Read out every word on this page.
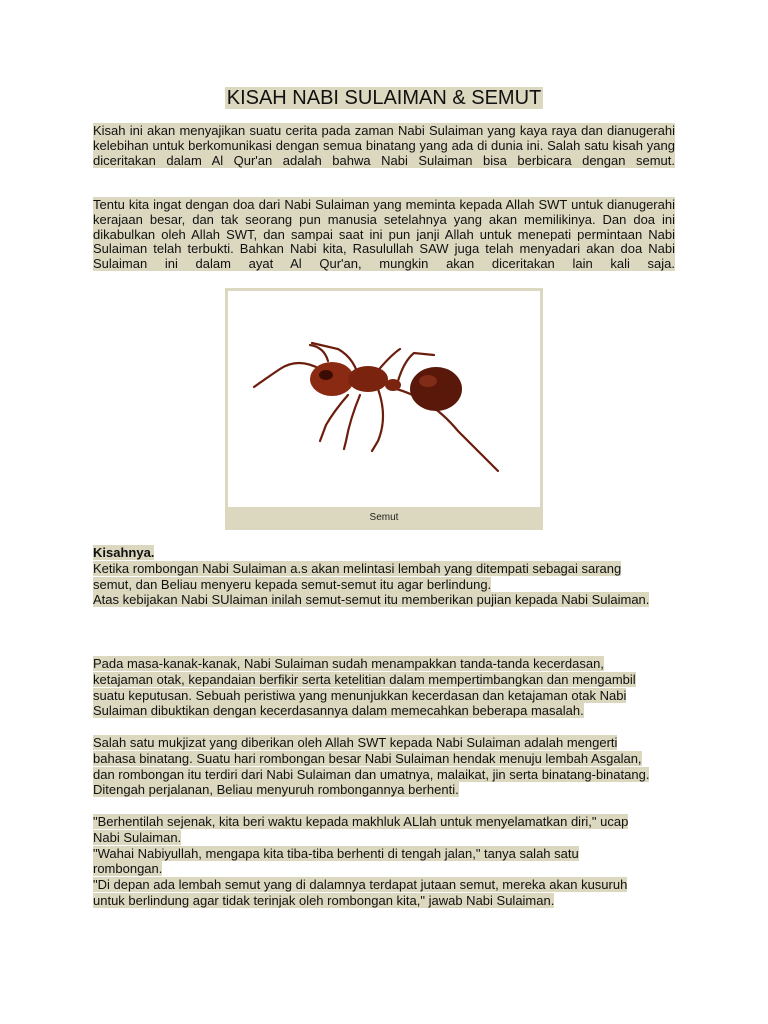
KISAH NABI SULAIMAN & SEMUT
Kisah ini akan menyajikan suatu cerita pada zaman Nabi Sulaiman yang kaya raya dan dianugerahi kelebihan untuk berkomunikasi dengan semua binatang yang ada di dunia ini. Salah satu kisah yang diceritakan dalam Al Qur'an adalah bahwa Nabi Sulaiman bisa berbicara dengan semut.
Tentu kita ingat dengan doa dari Nabi Sulaiman yang meminta kepada Allah SWT untuk dianugerahi kerajaan besar, dan tak seorang pun manusia setelahnya yang akan memilikinya. Dan doa ini dikabulkan oleh Allah SWT, dan sampai saat ini pun janji Allah untuk menepati permintaan Nabi Sulaiman telah terbukti. Bahkan Nabi kita, Rasulullah SAW juga telah menyadari akan doa Nabi Sulaiman ini dalam ayat Al Qur'an, mungkin akan diceritakan lain kali saja.
Semut
Kisahnya.
Ketika rombongan Nabi Sulaiman a.s akan melintasi lembah yang ditempati sebagai sarang
semut, dan Beliau menyeru kepada semut-semut itu agar berlindung.
Atas kebijakan Nabi SUlaiman inilah semut-semut itu memberikan pujian kepada Nabi Sulaiman.
Pada masa-kanak-kanak, Nabi Sulaiman sudah menampakkan tanda-tanda kecerdasan,
ketajaman otak, kepandaian berfikir serta ketelitian dalam mempertimbangkan dan mengambil
suatu keputusan. Sebuah peristiwa yang menunjukkan kecerdasan dan ketajaman otak Nabi
Sulaiman dibuktikan dengan kecerdasannya dalam memecahkan beberapa masalah.
Salah satu mukjizat yang diberikan oleh Allah SWT kepada Nabi Sulaiman adalah mengerti
bahasa binatang. Suatu hari rombongan besar Nabi Sulaiman hendak menuju lembah Asgalan,
dan rombongan itu terdiri dari Nabi Sulaiman dan umatnya, malaikat, jin serta binatang-binatang.
Ditengah perjalanan, Beliau menyuruh rombongannya berhenti.
"Berhentilah sejenak, kita beri waktu kepada makhluk ALlah untuk menyelamatkan diri," ucap
Nabi Sulaiman.
"Wahai Nabiyullah, mengapa kita tiba-tiba berhenti di tengah jalan," tanya salah satu
rombongan.
"Di depan ada lembah semut yang di dalamnya terdapat jutaan semut, mereka akan kusuruh
untuk berlindung agar tidak terinjak oleh rombongan kita," jawab Nabi Sulaiman.
